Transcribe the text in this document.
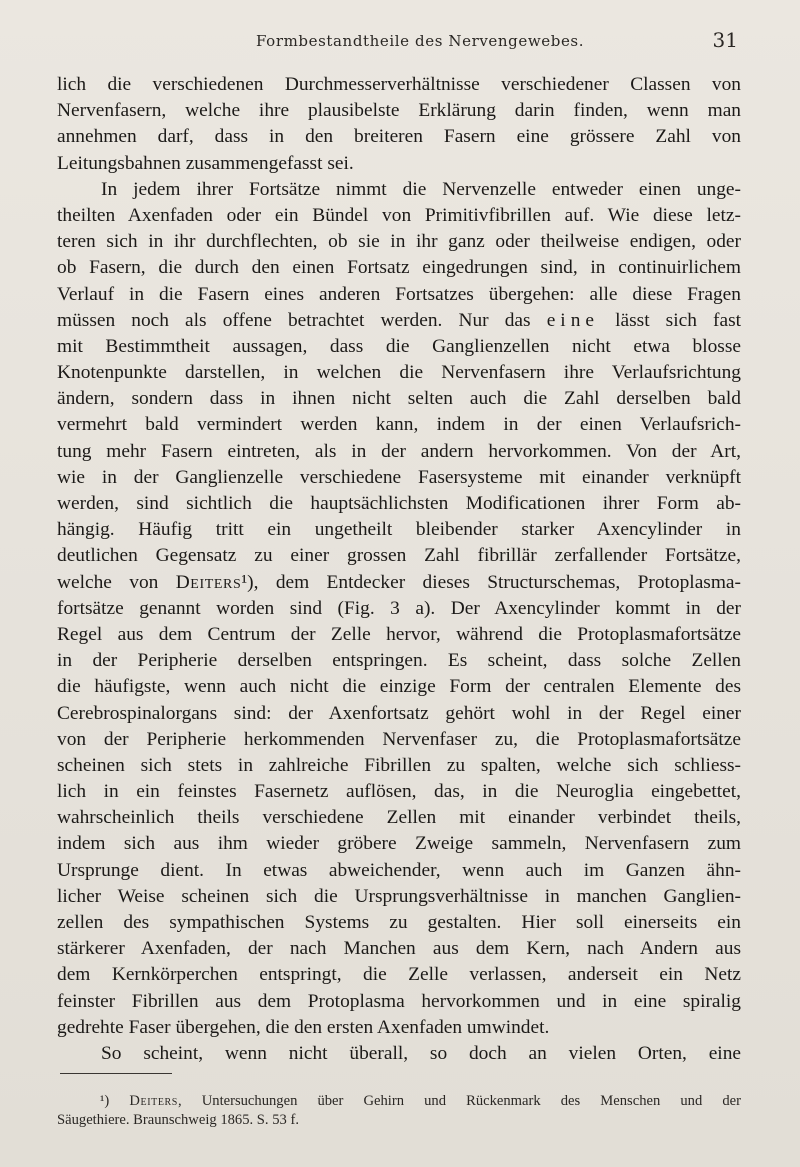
Formbestandtheile des Nervengewebes.	31
lich die verschiedenen Durchmesserverhältnisse verschiedener Classen von
Nervenfasern, welche ihre plausibelste Erklärung darin finden, wenn man
annehmen darf, dass in den breiteren Fasern eine grössere Zahl von
Leitungsbahnen zusammengefasst sei.
In jedem ihrer Fortsätze nimmt die Nervenzelle entweder einen unge-
theilten Axenfaden oder ein Bündel von Primitivfibrillen auf. Wie diese letz-
teren sich in ihr durchflechten, ob sie in ihr ganz oder theilweise endigen, oder
ob Fasern, die durch den einen Fortsatz eingedrungen sind, in continuirlichem
Verlauf in die Fasern eines anderen Fortsatzes übergehen: alle diese Fragen
müssen noch als offene betrachtet werden. Nur das eine lässt sich fast
mit Bestimmtheit aussagen, dass die Ganglienzellen nicht etwa blosse
Knotenpunkte darstellen, in welchen die Nervenfasern ihre Verlaufsrichtung
ändern, sondern dass in ihnen nicht selten auch die Zahl derselben bald
vermehrt bald vermindert werden kann, indem in der einen Verlaufsrich-
tung mehr Fasern eintreten, als in der andern hervorkommen. Von der Art,
wie in der Ganglienzelle verschiedene Fasersysteme mit einander verknüpft
werden, sind sichtlich die hauptsächlichsten Modificationen ihrer Form ab-
hängig. Häufig tritt ein ungetheilt bleibender starker Axencylinder in
deutlichen Gegensatz zu einer grossen Zahl fibrillär zerfallender Fortsätze,
welche von Deiters¹), dem Entdecker dieses Structurschemas, Protoplasma-
fortsätze genannt worden sind (Fig. 3 a). Der Axencylinder kommt in der
Regel aus dem Centrum der Zelle hervor, während die Protoplasmafortsätze
in der Peripherie derselben entspringen. Es scheint, dass solche Zellen
die häufigste, wenn auch nicht die einzige Form der centralen Elemente des
Cerebrospinalorgans sind: der Axenfortsatz gehört wohl in der Regel einer
von der Peripherie herkommenden Nervenfaser zu, die Protoplasmafortsätze
scheinen sich stets in zahlreiche Fibrillen zu spalten, welche sich schliess-
lich in ein feinstes Fasernetz auflösen, das, in die Neuroglia eingebettet,
wahrscheinlich theils verschiedene Zellen mit einander verbindet theils,
indem sich aus ihm wieder gröbere Zweige sammeln, Nervenfasern zum
Ursprunge dient. In etwas abweichender, wenn auch im Ganzen ähn-
licher Weise scheinen sich die Ursprungsverhältnisse in manchen Ganglien-
zellen des sympathischen Systems zu gestalten. Hier soll einerseits ein
stärkerer Axenfaden, der nach Manchen aus dem Kern, nach Andern aus
dem Kernkörperchen entspringt, die Zelle verlassen, anderseit ein Netz
feinster Fibrillen aus dem Protoplasma hervorkommen und in eine spiralig
gedrehte Faser übergehen, die den ersten Axenfaden umwindet.
So scheint, wenn nicht überall, so doch an vielen Orten, eine
¹) Deiters, Untersuchungen über Gehirn und Rückenmark des Menschen und der
Säugethiere. Braunschweig 1865. S. 53 f.
